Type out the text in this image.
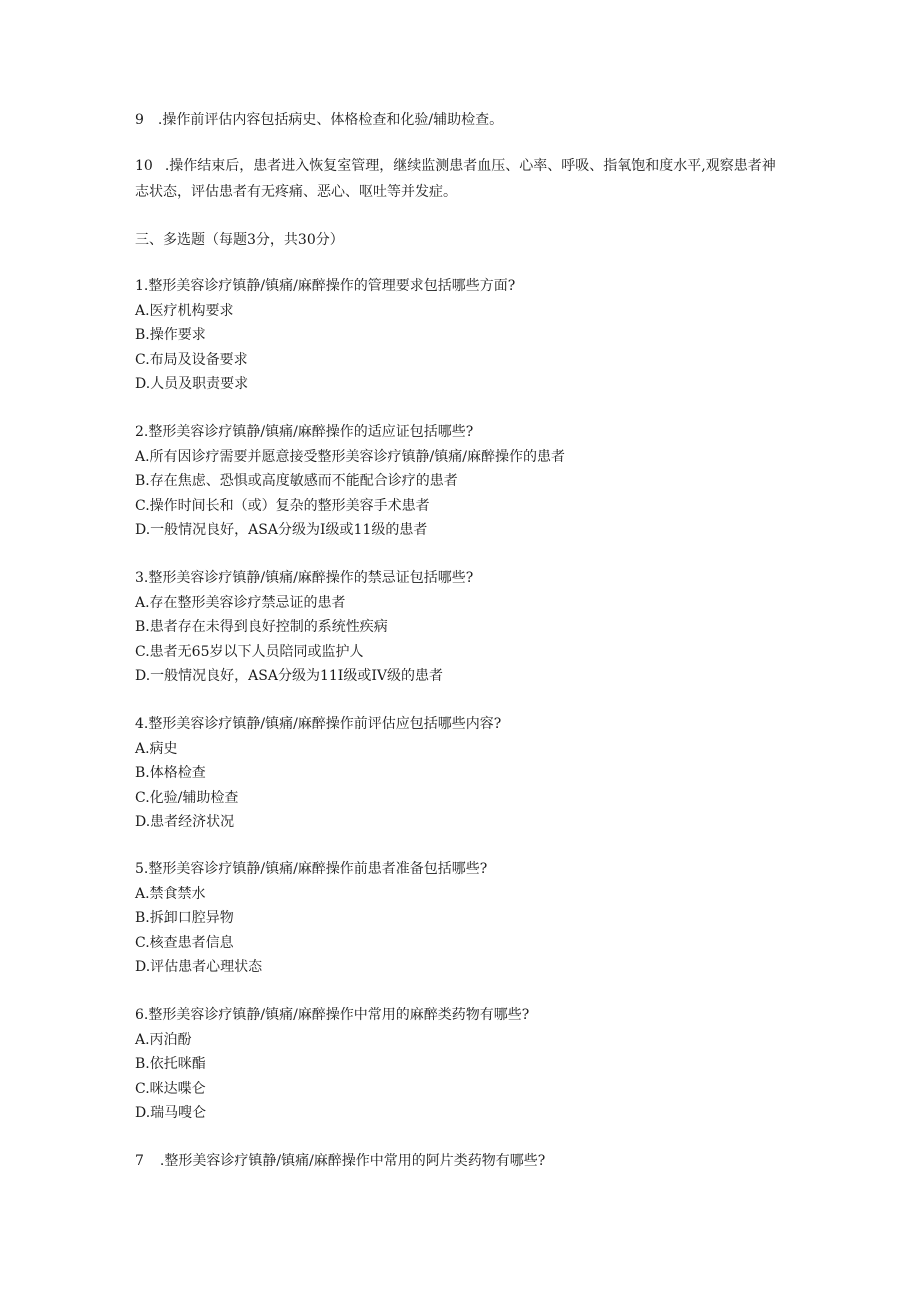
9 .操作前评估内容包括病史、体格检查和化验/辅助检查。
10 .操作结束后，患者进入恢复室管理，继续监测患者血压、心率、呼吸、指氧饱和度水平,观察患者神志状态，评估患者有无疼痛、恶心、呕吐等并发症。
三、多选题（每题3分，共30分）
1.整形美容诊疗镇静/镇痛/麻醉操作的管理要求包括哪些方面?
A.医疗机构要求
B.操作要求
C.布局及设备要求
D.人员及职责要求
2.整形美容诊疗镇静/镇痛/麻醉操作的适应证包括哪些?
A.所有因诊疗需要并愿意接受整形美容诊疗镇静/镇痛/麻醉操作的患者
B.存在焦虑、恐惧或高度敏感而不能配合诊疗的患者
C.操作时间长和（或）复杂的整形美容手术患者
D.一般情况良好，ASA分级为I级或11级的患者
3.整形美容诊疗镇静/镇痛/麻醉操作的禁忌证包括哪些?
A.存在整形美容诊疗禁忌证的患者
B.患者存在未得到良好控制的系统性疾病
C.患者无65岁以下人员陪同或监护人
D.一般情况良好，ASA分级为11I级或IV级的患者
4.整形美容诊疗镇静/镇痛/麻醉操作前评估应包括哪些内容?
A.病史
B.体格检查
C.化验/辅助检查
D.患者经济状况
5.整形美容诊疗镇静/镇痛/麻醉操作前患者准备包括哪些?
A.禁食禁水
B.拆卸口腔异物
C.核查患者信息
D.评估患者心理状态
6.整形美容诊疗镇静/镇痛/麻醉操作中常用的麻醉类药物有哪些?
A.丙泊酚
B.依托咪酯
C.咪达喋仑
D.瑞马嗖仑
7 .整形美容诊疗镇静/镇痛/麻醉操作中常用的阿片类药物有哪些?
